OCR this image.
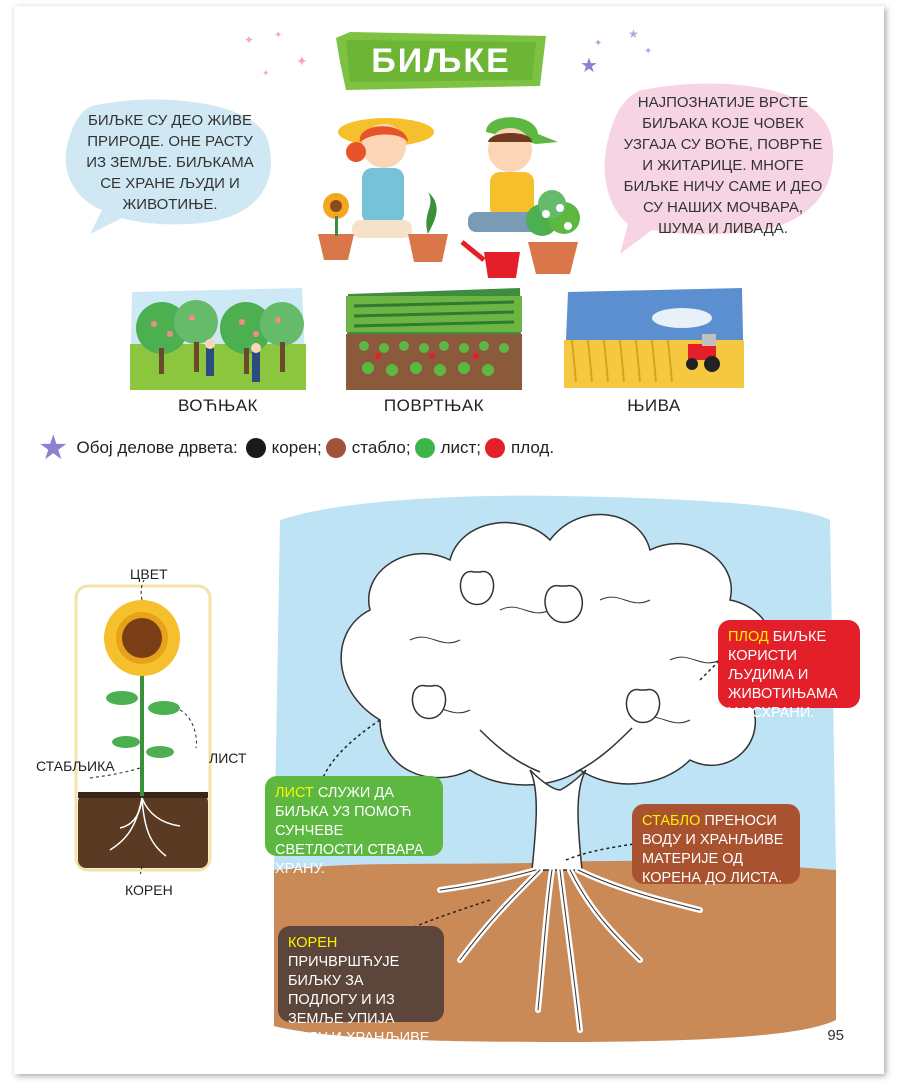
✦ ✦
✦
✦
✦
★
✦
★
БИЉКЕ
БИЉКЕ СУ ДЕО ЖИВЕ ПРИРОДЕ. ОНЕ РАСТУ ИЗ ЗЕМЉЕ. БИЉКАМА СЕ ХРАНЕ ЉУДИ И ЖИВОТИЊЕ.
НАЈПОЗНАТИЈЕ ВРСТЕ БИЉАКА КОЈЕ ЧОВЕК УЗГАЈА СУ ВОЋЕ, ПОВРЋЕ И ЖИТАРИЦЕ. МНОГЕ БИЉКЕ НИЧУ САМЕ И ДЕО СУ НАШИХ МОЧВАРА, ШУМА И ЛИВАДА.
ВОЋЊАК	ПОВРТЊАК	ЊИВА
★ Обој делове дрвета: корен; стабло; лист; плод.
ПЛОД БИЉКЕ КОРИСТИ ЉУДИМА И ЖИВОТИЊАМА У ИСХРАНИ.
ЛИСТ СЛУЖИ ДА БИЉКА УЗ ПОМОЋ СУНЧЕВЕ СВЕТЛОСТИ СТВАРА ХРАНУ.
СТАБЛО ПРЕНОСИ ВОДУ И ХРАНЉИВЕ МАТЕРИЈЕ ОД КОРЕНА ДО ЛИСТА.
КОРЕН ПРИЧВРШЋУЈЕ БИЉКУ ЗА ПОДЛОГУ И ИЗ ЗЕМЉЕ УПИЈА ВОДУ И ХРАНЉИВЕ МАТЕРИЈЕ.
ЦВЕТ
ЛИСТ
СТАБЉИКА
КОРЕН
95
